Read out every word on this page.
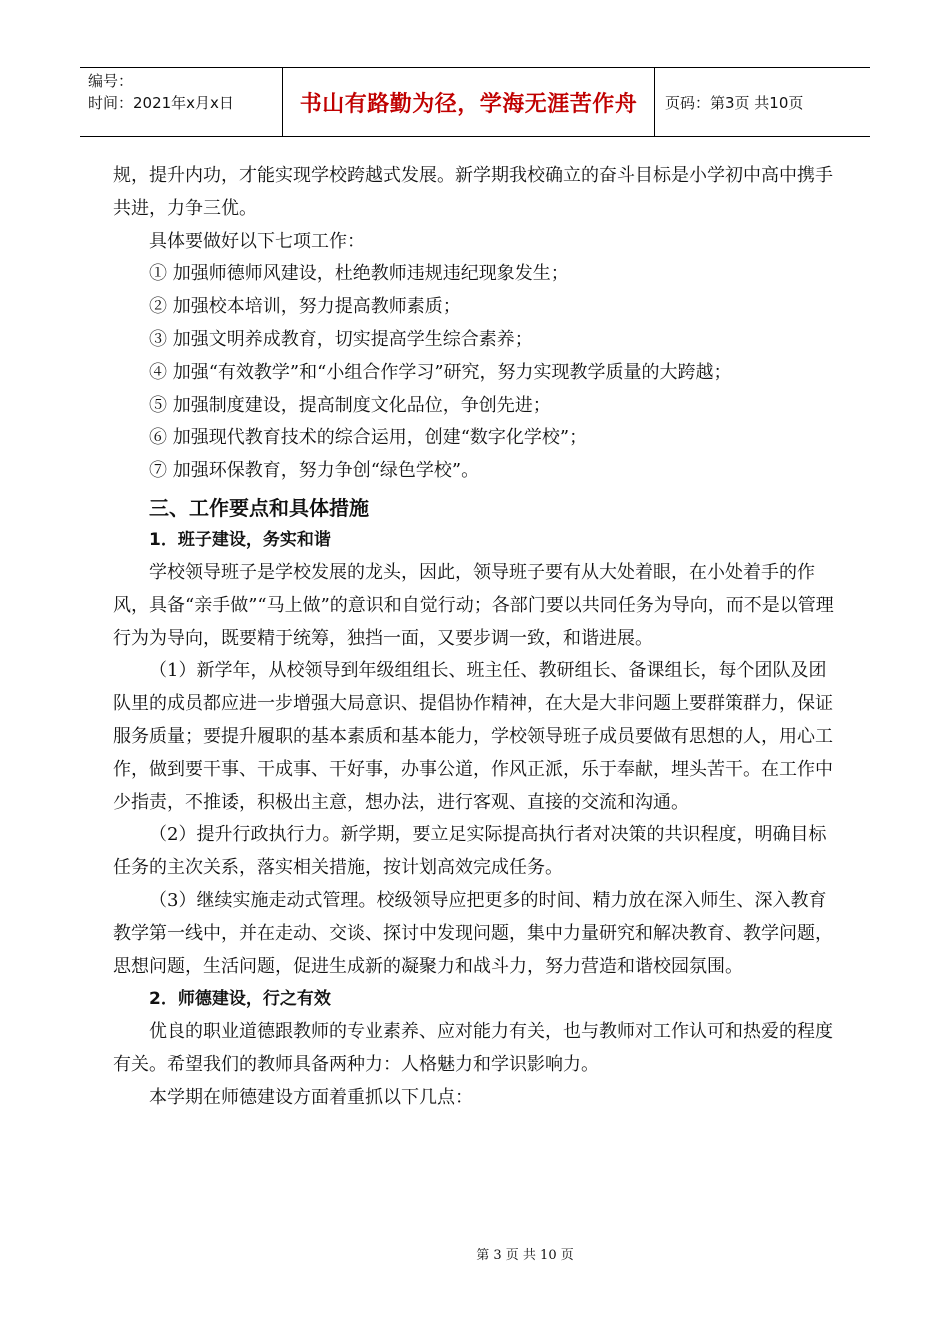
编号：
时间：2021年x月x日	书山有路勤为径，学海无涯苦作舟	页码：第3页 共10页

规，提升内功，才能实现学校跨越式发展。新学期我校确立的奋斗目标是小学初中高中携手共进，力争三优。

具体要做好以下七项工作：

① 加强师德师风建设，杜绝教师违规违纪现象发生；

② 加强校本培训，努力提高教师素质；

③ 加强文明养成教育，切实提高学生综合素养；

④ 加强“有效教学”和“小组合作学习”研究，努力实现教学质量的大跨越；

⑤ 加强制度建设，提高制度文化品位，争创先进；

⑥ 加强现代教育技术的综合运用，创建“数字化学校”；

⑦ 加强环保教育，努力争创“绿色学校”。

三、工作要点和具体措施

1．班子建设，务实和谐

学校领导班子是学校发展的龙头，因此，领导班子要有从大处着眼，在小处着手的作风，具备“亲手做”“马上做”的意识和自觉行动；各部门要以共同任务为导向，而不是以管理行为为导向，既要精于统筹，独挡一面，又要步调一致，和谐进展。

（1）新学年，从校领导到年级组组长、班主任、教研组长、备课组长，每个团队及团队里的成员都应进一步增强大局意识、提倡协作精神，在大是大非问题上要群策群力，保证服务质量；要提升履职的基本素质和基本能力，学校领导班子成员要做有思想的人，用心工作，做到要干事、干成事、干好事，办事公道，作风正派，乐于奉献，埋头苦干。在工作中少指责，不推诿，积极出主意，想办法，进行客观、直接的交流和沟通。

（2）提升行政执行力。新学期，要立足实际提高执行者对决策的共识程度，明确目标任务的主次关系，落实相关措施，按计划高效完成任务。

（3）继续实施走动式管理。校级领导应把更多的时间、精力放在深入师生、深入教育教学第一线中，并在走动、交谈、探讨中发现问题，集中力量研究和解决教育、教学问题，思想问题，生活问题，促进生成新的凝聚力和战斗力，努力营造和谐校园氛围。

2．师德建设，行之有效

优良的职业道德跟教师的专业素养、应对能力有关，也与教师对工作认可和热爱的程度有关。希望我们的教师具备两种力：人格魅力和学识影响力。

本学期在师德建设方面着重抓以下几点：

第 3 页 共 10 页
